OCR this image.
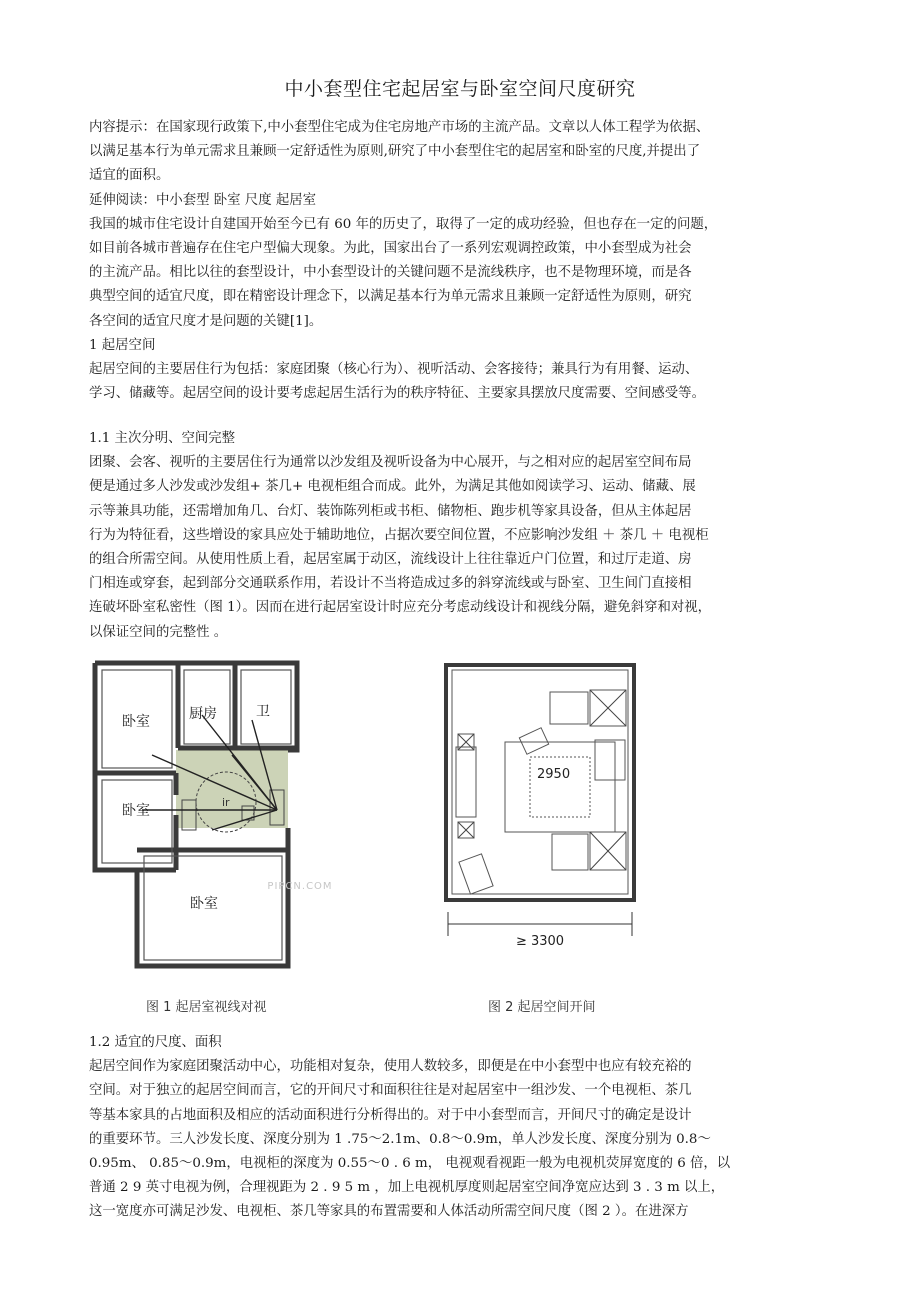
中小套型住宅起居室与卧室空间尺度研究

内容提示：在国家现行政策下,中小套型住宅成为住宅房地产市场的主流产品。文章以人体工程学为依据、
以满足基本行为单元需求且兼顾一定舒适性为原则,研究了中小套型住宅的起居室和卧室的尺度,并提出了
适宜的面积。
延伸阅读：中小套型 卧室 尺度 起居室
我国的城市住宅设计自建国开始至今已有 60 年的历史了，取得了一定的成功经验，但也存在一定的问题，
如目前各城市普遍存在住宅户型偏大现象。为此，国家出台了一系列宏观调控政策，中小套型成为社会
的主流产品。相比以往的套型设计，中小套型设计的关键问题不是流线秩序，也不是物理环境，而是各
典型空间的适宜尺度，即在精密设计理念下，以满足基本行为单元需求且兼顾一定舒适性为原则，研究
各空间的适宜尺度才是问题的关键[1]。
1 起居空间
起居空间的主要居住行为包括：家庭团聚（核心行为）、视听活动、会客接待；兼具行为有用餐、运动、
学习、储藏等。起居空间的设计要考虑起居生活行为的秩序特征、主要家具摆放尺度需要、空间感受等。

1.1 主次分明、空间完整
团聚、会客、视听的主要居住行为通常以沙发组及视听设备为中心展开，与之相对应的起居室空间布局
便是通过多人沙发或沙发组+ 茶几+ 电视柜组合而成。此外，为满足其他如阅读学习、运动、储藏、展
示等兼具功能，还需增加角几、台灯、装饰陈列柜或书柜、储物柜、跑步机等家具设备，但从主体起居
行为为特征看，这些增设的家具应处于辅助地位，占据次要空间位置，不应影响沙发组 ＋ 茶几 ＋ 电视柜
的组合所需空间。从使用性质上看，起居室属于动区，流线设计上往往靠近户门位置，和过厅走道、房
门相连或穿套，起到部分交通联系作用，若设计不当将造成过多的斜穿流线或与卧室、卫生间门直接相
连破坏卧室私密性（图 1）。因而在进行起居室设计时应充分考虑动线设计和视线分隔，避免斜穿和对视，
以保证空间的完整性 。

ir
卧室	厨房	卫
卧室
卧室
PIPCN.COM
图 1 起居室视线对视
2950
≥ 3300
图 2 起居空间开间

1.2 适宜的尺度、面积
起居空间作为家庭团聚活动中心，功能相对复杂，使用人数较多，即便是在中小套型中也应有较充裕的
空间。对于独立的起居空间而言，它的开间尺寸和面积往往是对起居室中一组沙发、一个电视柜、茶几
等基本家具的占地面积及相应的活动面积进行分析得出的。对于中小套型而言，开间尺寸的确定是设计
的重要环节。三人沙发长度、深度分别为 1 .75～2.1m、0.8～0.9m，单人沙发长度、深度分别为 0.8～
0.95m、 0.85～0.9m，电视柜的深度为 0.55～0 . 6 m， 电视观看视距一般为电视机荧屏宽度的 6 倍，以
普通 2 9 英寸电视为例，合理视距为 2 . 9 5 m ，加上电视机厚度则起居室空间净宽应达到 3 . 3 m 以上，
这一宽度亦可满足沙发、电视柜、茶几等家具的布置需要和人体活动所需空间尺度（图 2 ）。在进深方
